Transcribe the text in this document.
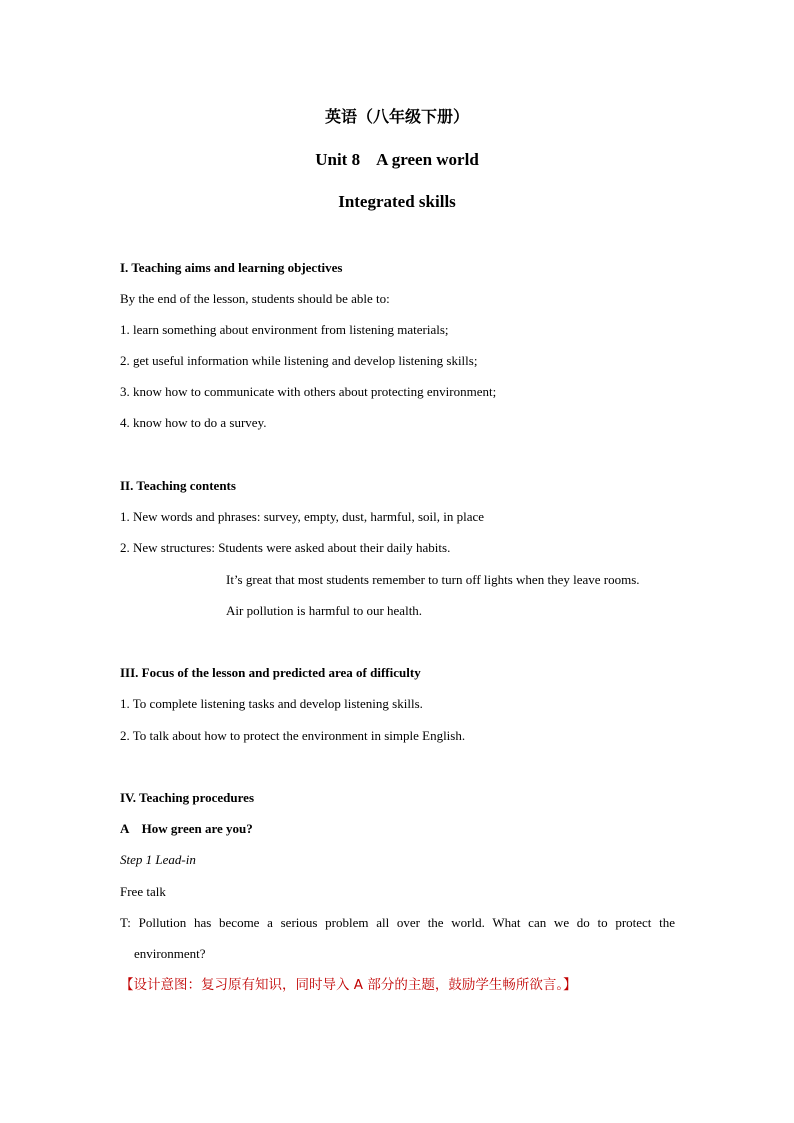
英语（八年级下册）
Unit 8    A green world
Integrated skills
I. Teaching aims and learning objectives
By the end of the lesson, students should be able to:
1. learn something about environment from listening materials;
2. get useful information while listening and develop listening skills;
3. know how to communicate with others about protecting environment;
4. know how to do a survey.
II. Teaching contents
1. New words and phrases: survey, empty, dust, harmful, soil, in place
2. New structures: Students were asked about their daily habits.
It’s great that most students remember to turn off lights when they leave rooms.
Air pollution is harmful to our health.
III. Focus of the lesson and predicted area of difficulty
1. To complete listening tasks and develop listening skills.
2. To talk about how to protect the environment in simple English.
IV. Teaching procedures
A    How green are you?
Step 1 Lead-in
Free talk
T: Pollution has become a serious problem all over the world. What can we do to protect the
environment?
【设计意图：复习原有知识，同时导入 A 部分的主题，鼓励学生畅所欲言。】
